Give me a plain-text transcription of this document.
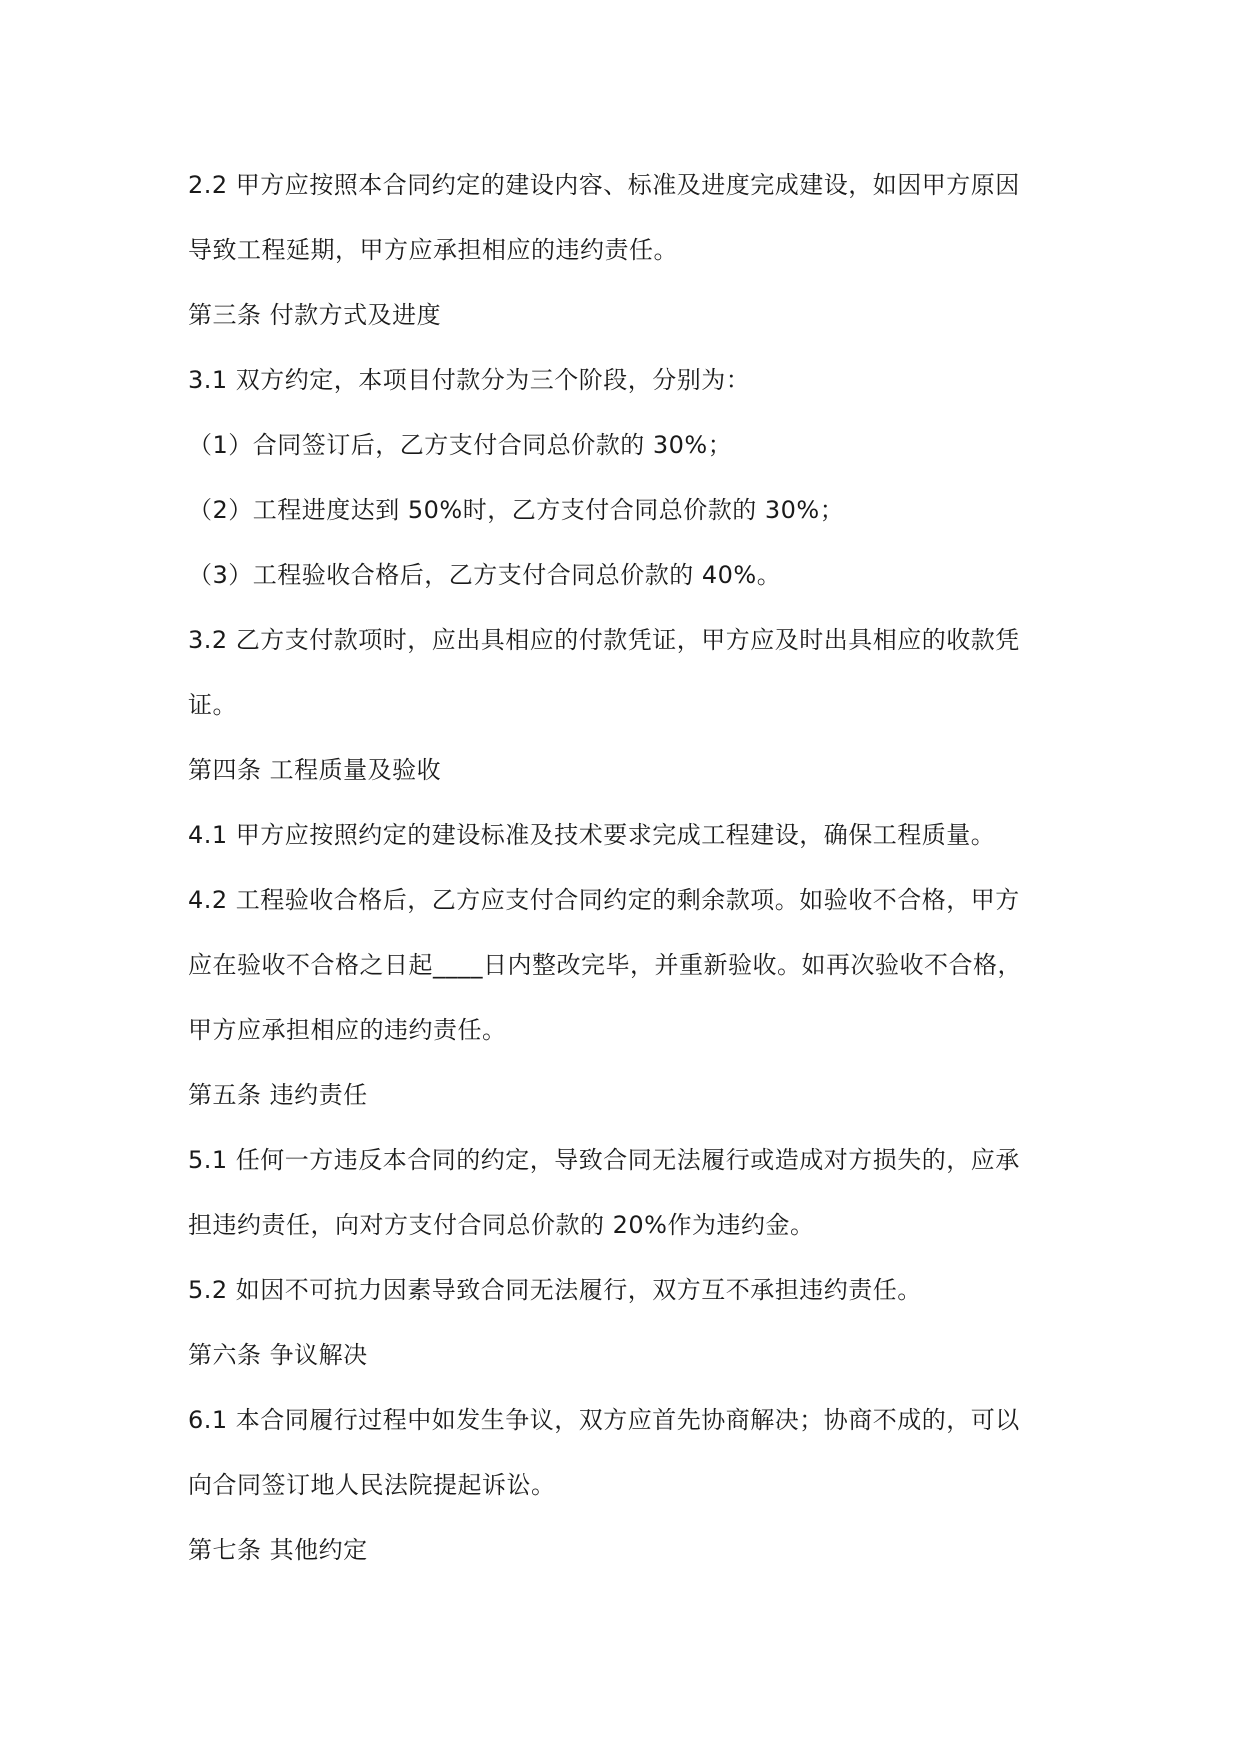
2.2 甲方应按照本合同约定的建设内容、标准及进度完成建设，如因甲方原因
导致工程延期，甲方应承担相应的违约责任。
第三条 付款方式及进度
3.1 双方约定，本项目付款分为三个阶段，分别为：
（1）合同签订后，乙方支付合同总价款的 30%；
（2）工程进度达到 50%时，乙方支付合同总价款的 30%；
（3）工程验收合格后，乙方支付合同总价款的 40%。
3.2 乙方支付款项时，应出具相应的付款凭证，甲方应及时出具相应的收款凭
证。
第四条 工程质量及验收
4.1 甲方应按照约定的建设标准及技术要求完成工程建设，确保工程质量。
4.2 工程验收合格后，乙方应支付合同约定的剩余款项。如验收不合格，甲方
应在验收不合格之日起____日内整改完毕，并重新验收。如再次验收不合格，
甲方应承担相应的违约责任。
第五条 违约责任
5.1 任何一方违反本合同的约定，导致合同无法履行或造成对方损失的，应承
担违约责任，向对方支付合同总价款的 20%作为违约金。
5.2 如因不可抗力因素导致合同无法履行，双方互不承担违约责任。
第六条 争议解决
6.1 本合同履行过程中如发生争议，双方应首先协商解决；协商不成的，可以
向合同签订地人民法院提起诉讼。
第七条 其他约定
